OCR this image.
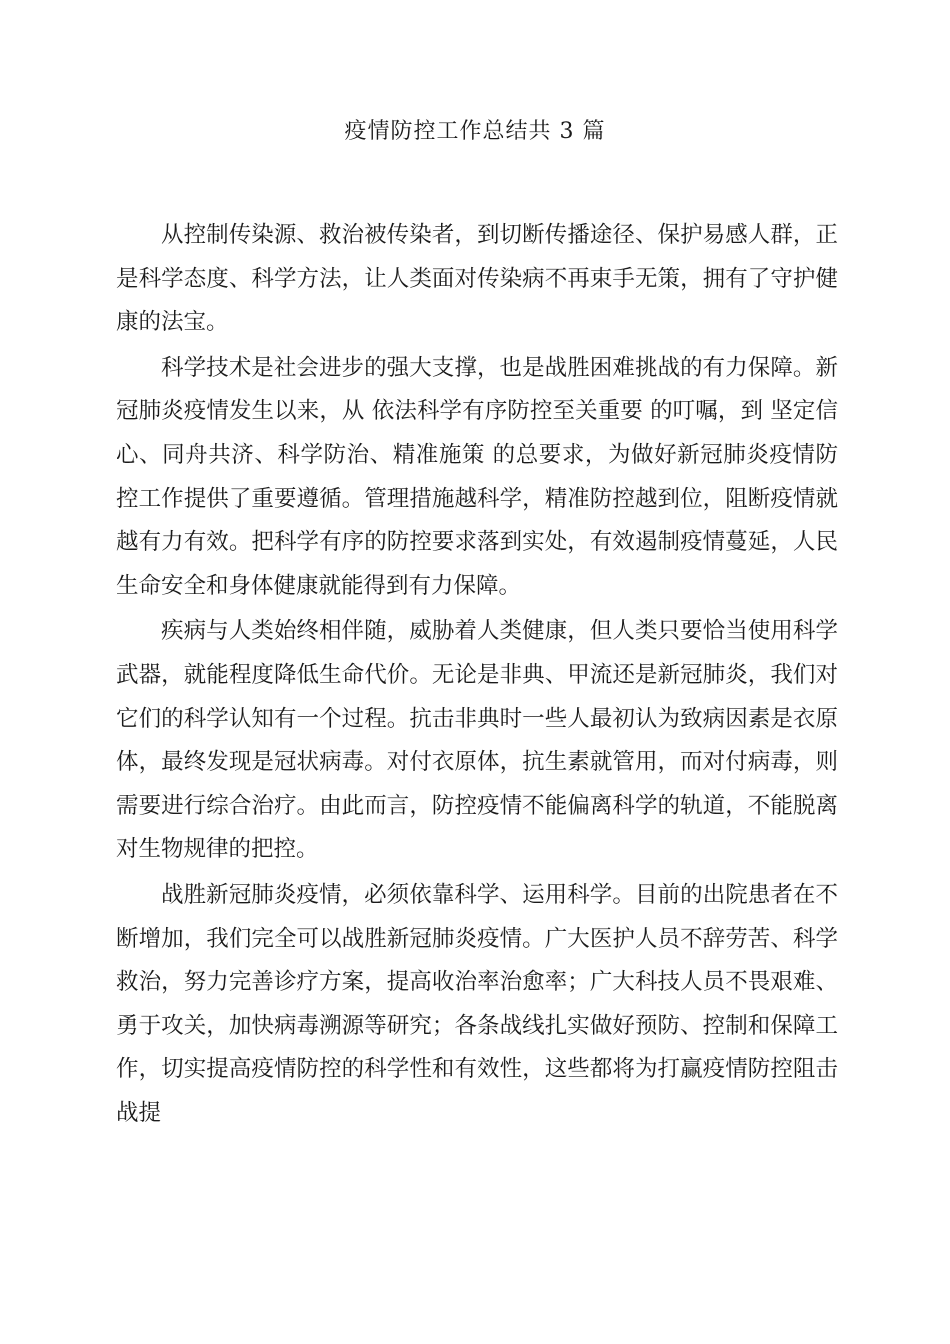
疫情防控工作总结共 3 篇

从控制传染源、救治被传染者，到切断传播途径、保护易感人群，正是科学态度、科学方法，让人类面对传染病不再束手无策，拥有了守护健康的法宝。

科学技术是社会进步的强大支撑，也是战胜困难挑战的有力保障。新冠肺炎疫情发生以来，从 依法科学有序防控至关重要 的叮嘱，到 坚定信心、同舟共济、科学防治、精准施策 的总要求，为做好新冠肺炎疫情防控工作提供了重要遵循。管理措施越科学，精准防控越到位，阻断疫情就越有力有效。把科学有序的防控要求落到实处，有效遏制疫情蔓延，人民生命安全和身体健康就能得到有力保障。

疾病与人类始终相伴随，威胁着人类健康，但人类只要恰当使用科学武器，就能程度降低生命代价。无论是非典、甲流还是新冠肺炎，我们对它们的科学认知有一个过程。抗击非典时一些人最初认为致病因素是衣原体，最终发现是冠状病毒。对付衣原体，抗生素就管用，而对付病毒，则需要进行综合治疗。由此而言，防控疫情不能偏离科学的轨道，不能脱离对生物规律的把控。

战胜新冠肺炎疫情，必须依靠科学、运用科学。目前的出院患者在不断增加，我们完全可以战胜新冠肺炎疫情。广大医护人员不辞劳苦、科学救治，努力完善诊疗方案，提高收治率治愈率；广大科技人员不畏艰难、勇于攻关，加快病毒溯源等研究；各条战线扎实做好预防、控制和保障工作，切实提高疫情防控的科学性和有效性，这些都将为打赢疫情防控阻击战提
